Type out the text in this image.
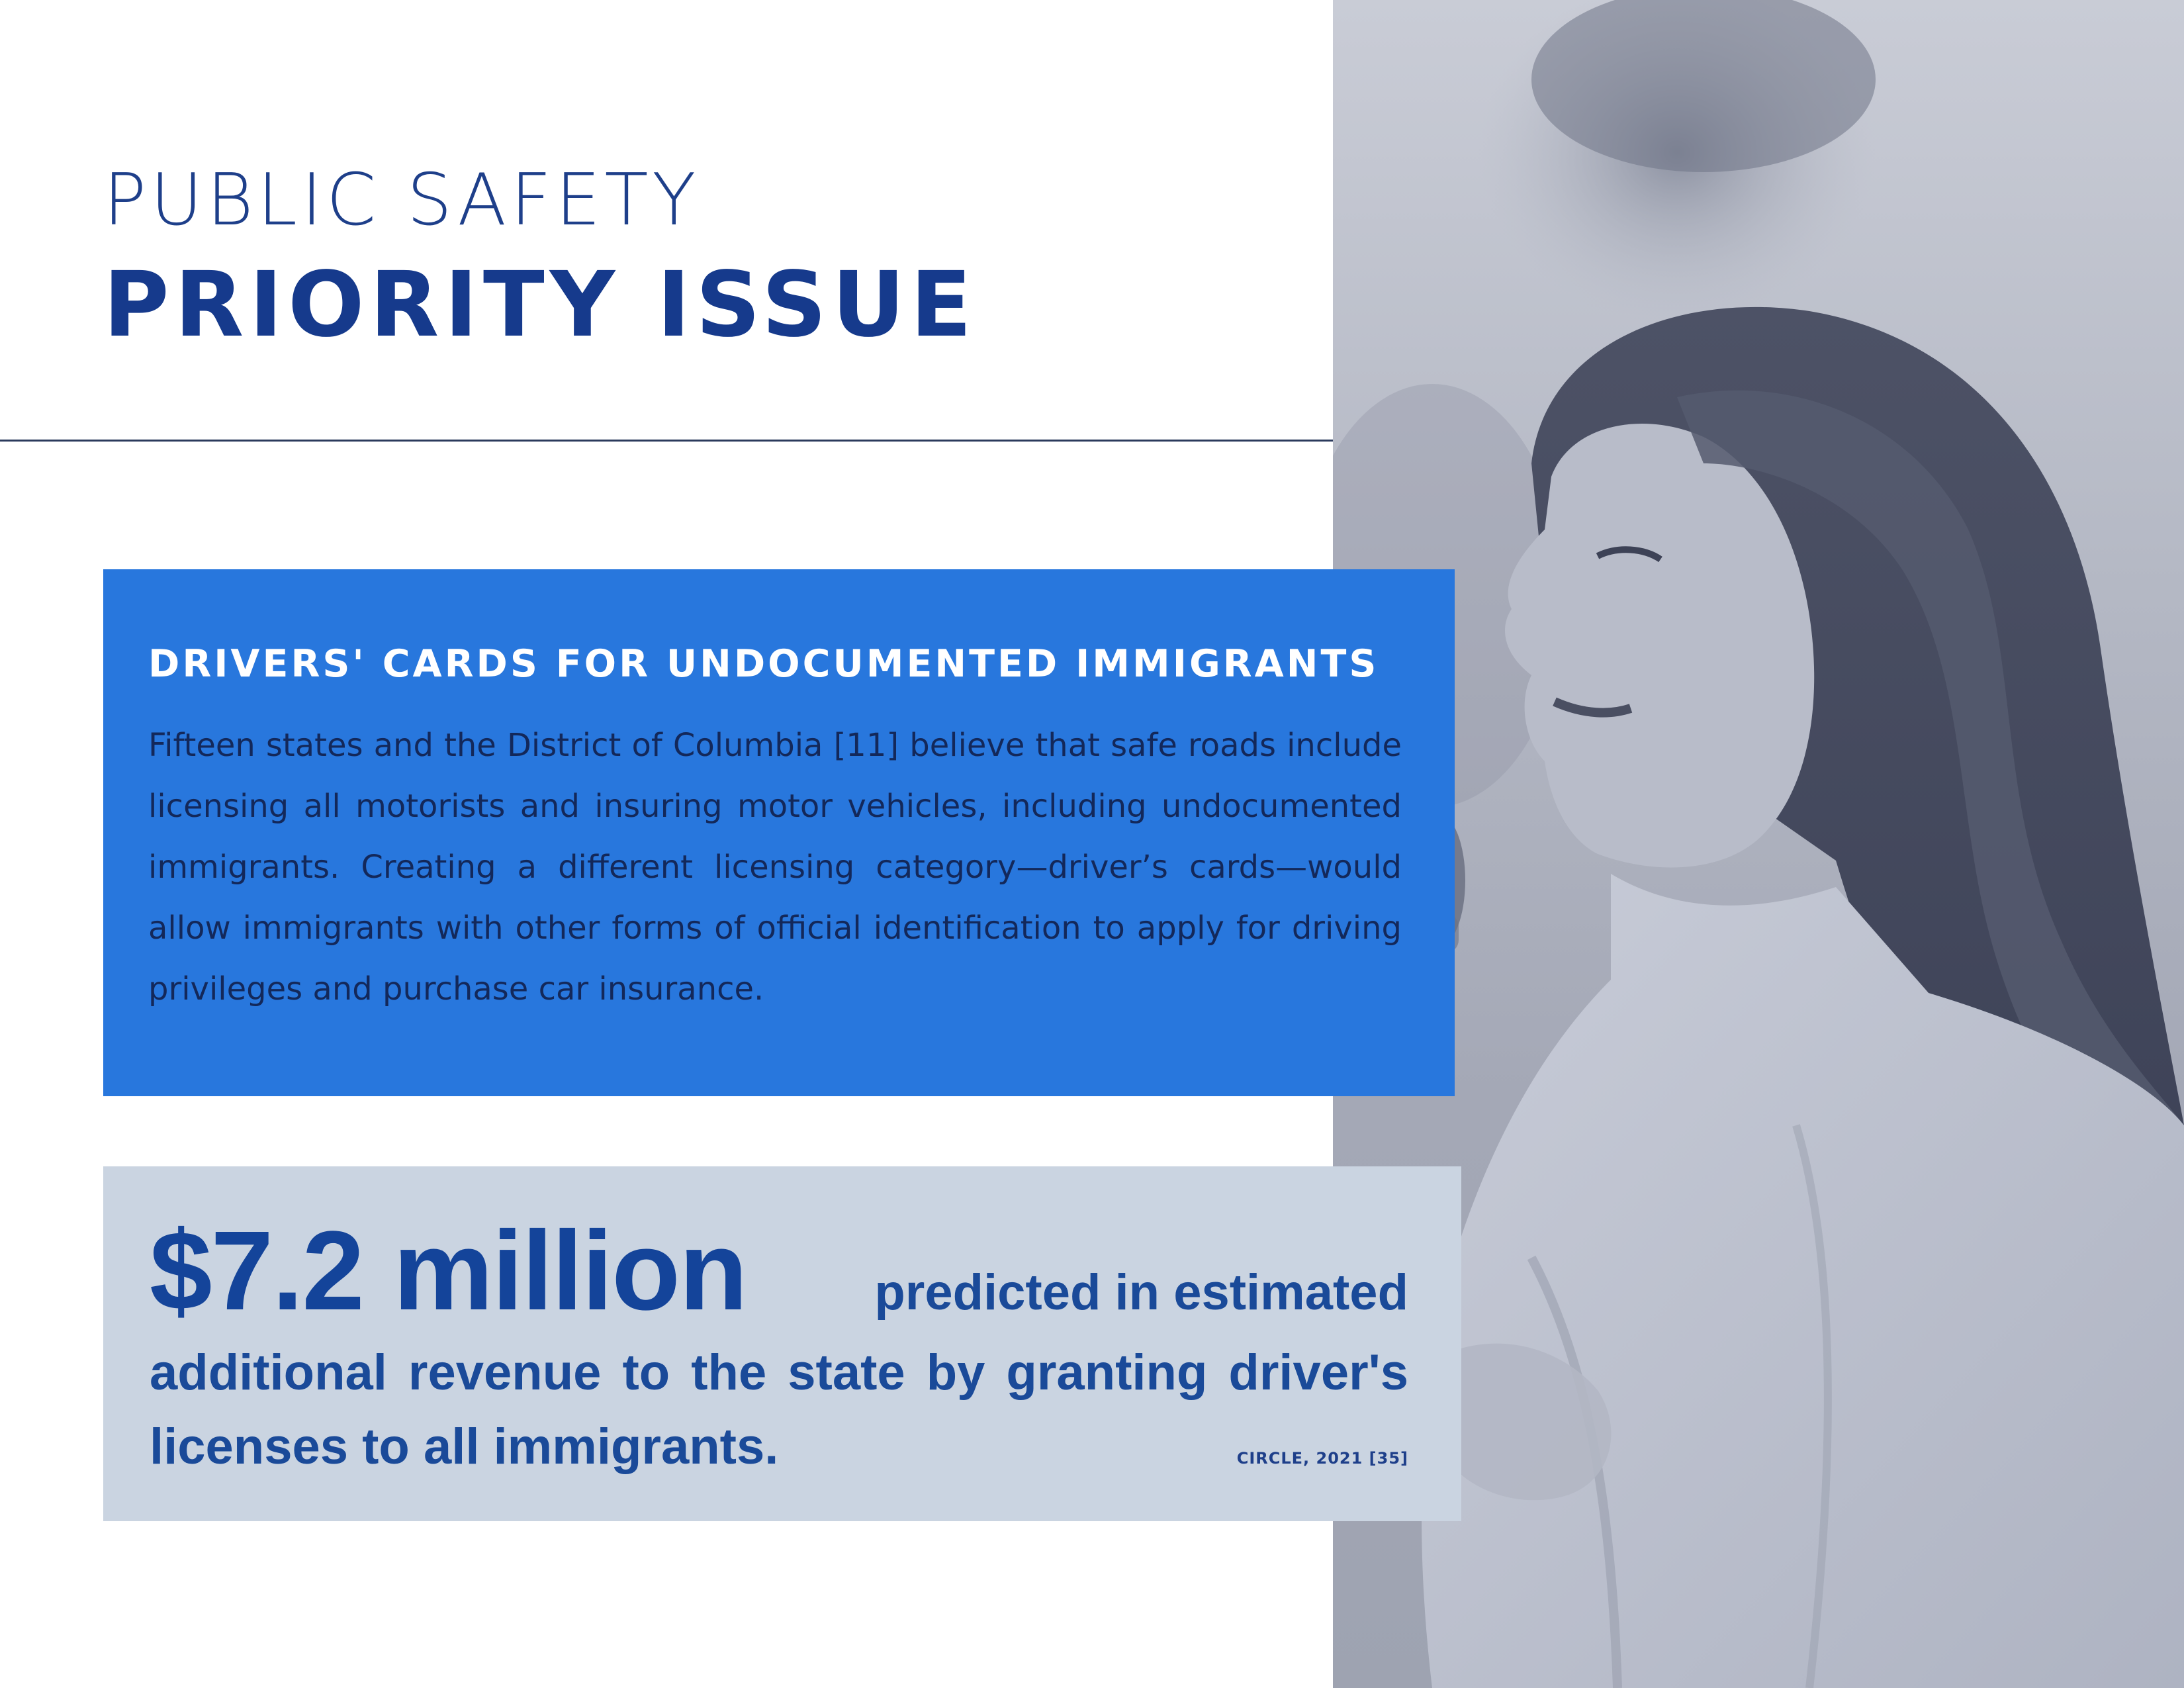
PUBLIC SAFETY
PRIORITY ISSUE
DRIVERS' CARDS FOR UNDOCUMENTED IMMIGRANTS

Fifteen states and the District of Columbia [11] believe that safe roads include licensing all motorists and insuring motor vehicles, including undocumented immigrants. Creating a different licensing category—driver’s cards—would allow immigrants with other forms of official identification to apply for driving privileges and purchase car insurance.

$7.2 million	predicted in estimated
additional revenue to the state by granting driver's
licenses to all immigrants.	CIRCLE, 2021 [35]
